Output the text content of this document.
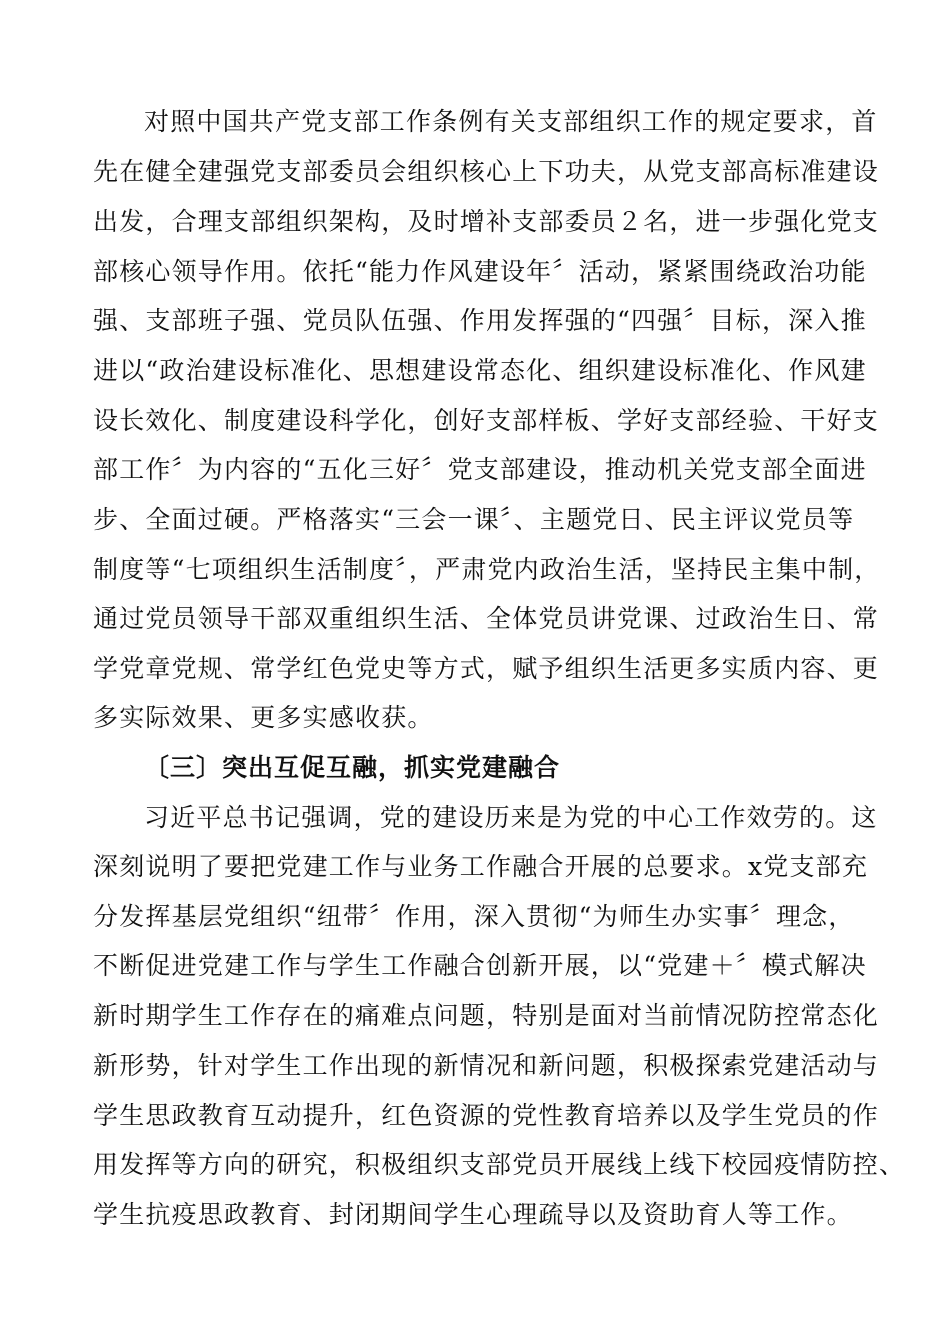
对照中国共产党支部工作条例有关支部组织工作的规定要求，首
先在健全建强党支部委员会组织核心上下功夫，从党支部高标准建设
出发，合理支部组织架构，及时增补支部委员２名，进一步强化党支
部核心领导作用。依托“能力作风建设年〞活动，紧紧围绕政治功能
强、支部班子强、党员队伍强、作用发挥强的“四强〞目标，深入推
进以“政治建设标准化、思想建设常态化、组织建设标准化、作风建
设长效化、制度建设科学化，创好支部样板、学好支部经验、干好支
部工作〞为内容的“五化三好〞党支部建设，推动机关党支部全面进
步、全面过硬。严格落实“三会一课〞、主题党日、民主评议党员等
制度等“七项组织生活制度〞，严肃党内政治生活，坚持民主集中制，
通过党员领导干部双重组织生活、全体党员讲党课、过政治生日、常
学党章党规、常学红色党史等方式，赋予组织生活更多实质内容、更
多实际效果、更多实感收获。
〔三〕突出互促互融，抓实党建融合
习近平总书记强调，党的建设历来是为党的中心工作效劳的。这
深刻说明了要把党建工作与业务工作融合开展的总要求。x党支部充
分发挥基层党组织“纽带〞作用，深入贯彻“为师生办实事〞理念，
不断促进党建工作与学生工作融合创新开展，以“党建＋〞模式解决
新时期学生工作存在的痛难点问题，特别是面对当前情况防控常态化
新形势，针对学生工作出现的新情况和新问题，积极探索党建活动与
学生思政教育互动提升，红色资源的党性教育培养以及学生党员的作
用发挥等方向的研究，积极组织支部党员开展线上线下校园疫情防控、
学生抗疫思政教育、封闭期间学生心理疏导以及资助育人等工作。
